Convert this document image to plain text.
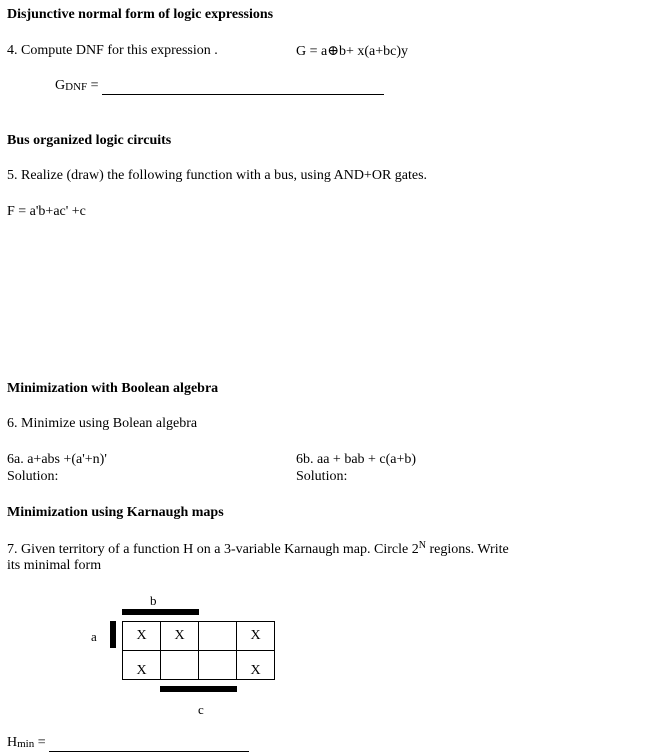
Disjunctive normal form of logic expressions
4. Compute DNF for this expression .	G = a⊕b+ x(a+bc)y
$G_{DNF}$ =
Bus organized logic circuits
5. Realize (draw) the following function with a bus, using AND+OR gates.
F = a'b+ac' +c
Minimization with Boolean algebra
6. Minimize using Bolean algebra
6a. a+abs +(a'+n)'
Solution:
6b. aa + bab + c(a+b)
Solution:
Minimization using Karnaugh maps
7. Given territory of a function H on a 3-variable Karnaugh map. Circle $2^N$ regions. Write
its minimal form
b
a	X	X		X
X			X
c
$H_{min}$ =
